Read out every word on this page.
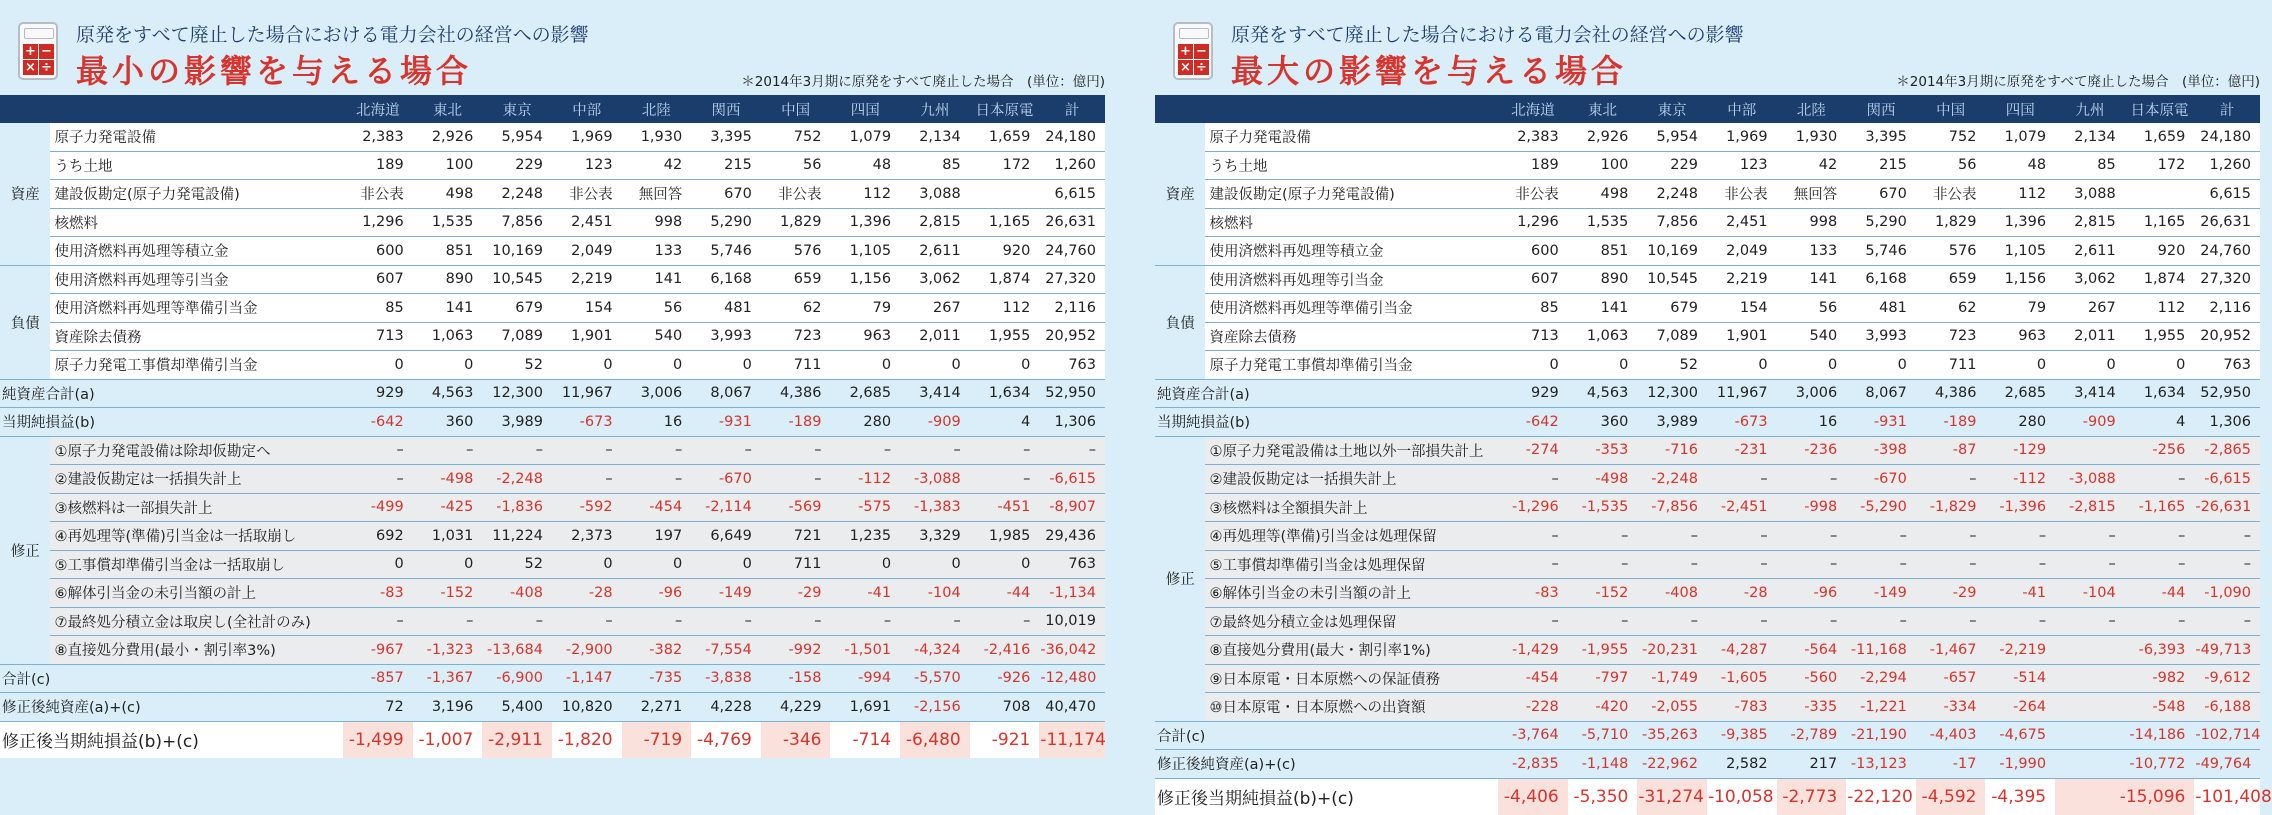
+ −
× ÷
原発をすべて廃止した場合における電力会社の経営への影響
最小の影響を与える場合	＊2014年3月期に原発をすべて廃止した場合　(単位：億円)
		北海道	東北	東京	中部	北陸	関西	中国	四国	九州	日本原電	計
資産	原子力発電設備	2,383	2,926	5,954	1,969	1,930	3,395	752	1,079	2,134	1,659	24,180
	うち土地	189	100	229	123	42	215	56	48	85	172	1,260
	建設仮勘定(原子力発電設備)	非公表	498	2,248	非公表	無回答	670	非公表	112	3,088		6,615
	核燃料	1,296	1,535	7,856	2,451	998	5,290	1,829	1,396	2,815	1,165	26,631
	使用済燃料再処理等積立金	600	851	10,169	2,049	133	5,746	576	1,105	2,611	920	24,760
負債	使用済燃料再処理等引当金	607	890	10,545	2,219	141	6,168	659	1,156	3,062	1,874	27,320
	使用済燃料再処理等準備引当金	85	141	679	154	56	481	62	79	267	112	2,116
	資産除去債務	713	1,063	7,089	1,901	540	3,993	723	963	2,011	1,955	20,952
	原子力発電工事償却準備引当金	0	0	52	0	0	0	711	0	0	0	763
純資産合計(a)		929	4,563	12,300	11,967	3,006	8,067	4,386	2,685	3,414	1,634	52,950
当期純損益(b)		-642	360	3,989	-673	16	-931	-189	280	-909	4	1,306
修正	①原子力発電設備は除却仮勘定へ	–	–	–	–	–	–	–	–	–	–	–
	②建設仮勘定は一括損失計上	–	-498	-2,248	–	–	-670	–	-112	-3,088	–	-6,615
	③核燃料は一部損失計上	-499	-425	-1,836	-592	-454	-2,114	-569	-575	-1,383	-451	-8,907
	④再処理等(準備)引当金は一括取崩し	692	1,031	11,224	2,373	197	6,649	721	1,235	3,329	1,985	29,436
	⑤工事償却準備引当金は一括取崩し	0	0	52	0	0	0	711	0	0	0	763
	⑥解体引当金の未引当額の計上	-83	-152	-408	-28	-96	-149	-29	-41	-104	-44	-1,134
	⑦最終処分積立金は取戻し(全社計のみ)	–	–	–	–	–	–	–	–	–	–	10,019
	⑧直接処分費用(最小・割引率3%)	-967	-1,323	-13,684	-2,900	-382	-7,554	-992	-1,501	-4,324	-2,416	-36,042
合計(c)		-857	-1,367	-6,900	-1,147	-735	-3,838	-158	-994	-5,570	-926	-12,480
修正後純資産(a)+(c)		72	3,196	5,400	10,820	2,271	4,228	4,229	1,691	-2,156	708	40,470
修正後当期純損益(b)+(c)		-1,499	-1,007	-2,911	-1,820	-719	-4,769	-346	-714	-6,480	-921	-11,174
+ −
× ÷
原発をすべて廃止した場合における電力会社の経営への影響
最大の影響を与える場合	＊2014年3月期に原発をすべて廃止した場合　(単位：億円)
		北海道	東北	東京	中部	北陸	関西	中国	四国	九州	日本原電	計
資産	原子力発電設備	2,383	2,926	5,954	1,969	1,930	3,395	752	1,079	2,134	1,659	24,180
	うち土地	189	100	229	123	42	215	56	48	85	172	1,260
	建設仮勘定(原子力発電設備)	非公表	498	2,248	非公表	無回答	670	非公表	112	3,088		6,615
	核燃料	1,296	1,535	7,856	2,451	998	5,290	1,829	1,396	2,815	1,165	26,631
	使用済燃料再処理等積立金	600	851	10,169	2,049	133	5,746	576	1,105	2,611	920	24,760
負債	使用済燃料再処理等引当金	607	890	10,545	2,219	141	6,168	659	1,156	3,062	1,874	27,320
	使用済燃料再処理等準備引当金	85	141	679	154	56	481	62	79	267	112	2,116
	資産除去債務	713	1,063	7,089	1,901	540	3,993	723	963	2,011	1,955	20,952
	原子力発電工事償却準備引当金	0	0	52	0	0	0	711	0	0	0	763
純資産合計(a)		929	4,563	12,300	11,967	3,006	8,067	4,386	2,685	3,414	1,634	52,950
当期純損益(b)		-642	360	3,989	-673	16	-931	-189	280	-909	4	1,306
修正	①原子力発電設備は土地以外一部損失計上	-274	-353	-716	-231	-236	-398	-87	-129	-256		-2,865
	②建設仮勘定は一括損失計上	–	-498	-2,248	–	–	-670	–	-112	-3,088	–	-6,615
	③核燃料は全額損失計上	-1,296	-1,535	-7,856	-2,451	-998	-5,290	-1,829	-1,396	-2,815	-1,165	-26,631
	④再処理等(準備)引当金は処理保留	–	–	–	–	–	–	–	–	–	–	–
	⑤工事償却準備引当金は処理保留	–	–	–	–	–	–	–	–	–	–	–
	⑥解体引当金の未引当額の計上	-83	-152	-408	-28	-96	-149	-29	-41	-104	-44	-1,090
	⑦最終処分積立金は処理保留	–	–	–	–	–	–	–	–	–	–	–
	⑧直接処分費用(最大・割引率1%)	-1,429	-1,955	-20,231	-4,287	-564	-11,168	-1,467	-2,219	-6,393		-49,713
	⑨日本原電・日本原燃への保証債務	-454	-797	-1,749	-1,605	-560	-2,294	-657	-514	-982		-9,612
	⑩日本原電・日本原燃への出資額	-228	-420	-2,055	-783	-335	-1,221	-334	-264	-548		-6,188
合計(c)		-3,764	-5,710	-35,263	-9,385	-2,789	-21,190	-4,403	-4,675	-14,186		-102,714
修正後純資産(a)+(c)		-2,835	-1,148	-22,962	2,582	217	-13,123	-17	-1,990	-10,772		-49,764
修正後当期純損益(b)+(c)		-4,406	-5,350	-31,274	-10,058	-2,773	-22,120	-4,592	-4,395	-15,096		-101,408
